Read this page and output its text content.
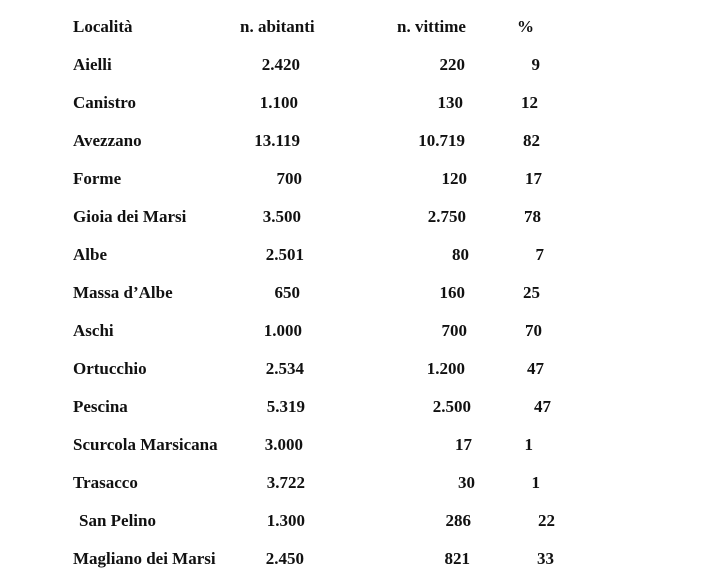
Località	n. abitanti	n. vittime	%
Aielli	2.420	220	9
Canistro	1.100	130	12
Avezzano	13.119	10.719	82
Forme	700	120	17
Gioia dei Marsi	3.500	2.750	78
Albe	2.501	80	7
Massa d’Albe	650	160	25
Aschi	1.000	700	70
Ortucchio	2.534	1.200	47
Pescina	5.319	2.500	47
Scurcola Marsicana	3.000	17	1
Trasacco	3.722	30	1
San Pelino	1.300	286	22
Magliano dei Marsi	2.450	821	33
